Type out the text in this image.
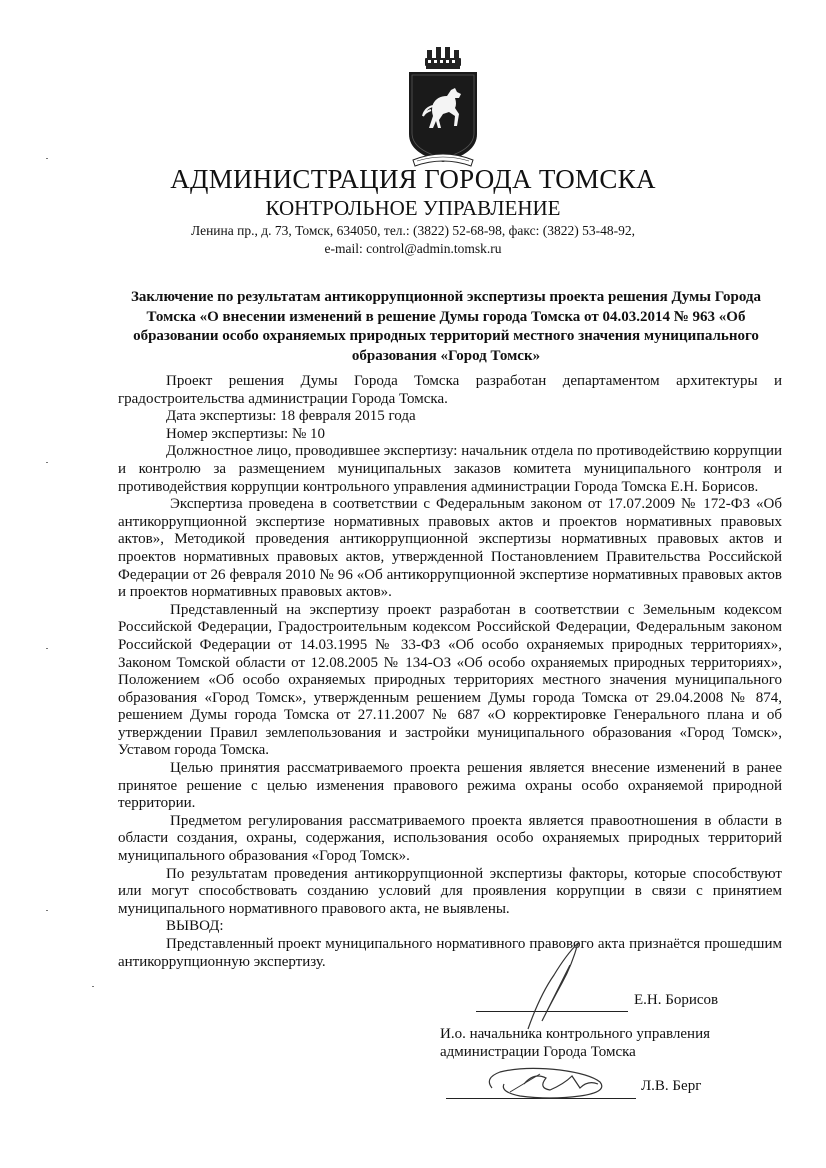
АДМИНИСТРАЦИЯ ГОРОДА ТОМСКА
КОНТРОЛЬНОЕ УПРАВЛЕНИЕ
Ленина пр., д. 73, Томск, 634050, тел.: (3822) 52-68-98, факс: (3822) 53-48-92,
e-mail: control@admin.tomsk.ru
Заключение по результатам антикоррупционной экспертизы проекта решения Думы Города Томска «О внесении изменений в решение Думы города Томска от 04.03.2014 № 963 «Об образовании особо охраняемых природных территорий местного значения муниципального образования «Город Томск»

Проект решения Думы Города Томска разработан департаментом архитектуры и градостроительства администрации Города Томска.

Дата экспертизы: 18 февраля 2015 года

Номер экспертизы: № 10

Должностное лицо, проводившее экспертизу: начальник отдела по противодействию коррупции и контролю за размещением муниципальных заказов комитета муниципального контроля и противодействия коррупции контрольного управления администрации Города Томска Е.Н. Борисов.

Экспертиза проведена в соответствии с Федеральным законом от 17.07.2009 № 172-ФЗ «Об антикоррупционной экспертизе нормативных правовых актов и проектов нормативных правовых актов», Методикой проведения антикоррупционной экспертизы нормативных правовых актов и проектов нормативных правовых актов, утвержденной Постановлением Правительства Российской Федерации от 26 февраля 2010 № 96 «Об антикоррупционной экспертизе нормативных правовых актов и проектов нормативных правовых актов».

Представленный на экспертизу проект разработан в соответствии с Земельным кодексом Российской Федерации, Градостроительным кодексом Российской Федерации, Федеральным законом Российской Федерации от 14.03.1995 № 33-ФЗ «Об особо охраняемых природных территориях», Законом Томской области от 12.08.2005 № 134-ОЗ «Об особо охраняемых природных территориях», Положением «Об особо охраняемых природных территориях местного значения муниципального образования «Город Томск», утвержденным решением Думы города Томска от 29.04.2008 № 874, решением Думы города Томска от 27.11.2007 № 687 «О корректировке Генерального плана и об утверждении Правил землепользования и застройки муниципального образования «Город Томск», Уставом города Томска.

Целью принятия рассматриваемого проекта решения является внесение изменений в ранее принятое решение с целью изменения правового режима охраны особо охраняемой природной территории.

Предметом регулирования рассматриваемого проекта является правоотношения в области в области создания, охраны, содержания, использования особо охраняемых природных территорий муниципального образования «Город Томск».

По результатам проведения антикоррупционной экспертизы факторы, которые способствуют или могут способствовать созданию условий для проявления коррупции в связи с принятием муниципального нормативного правового акта, не выявлены.

ВЫВОД:

Представленный проект муниципального нормативного правового акта признаётся прошедшим антикоррупционную экспертизу.

Е.Н. Борисов
И.о. начальника контрольного управления
администрации Города Томска
Л.В. Берг
